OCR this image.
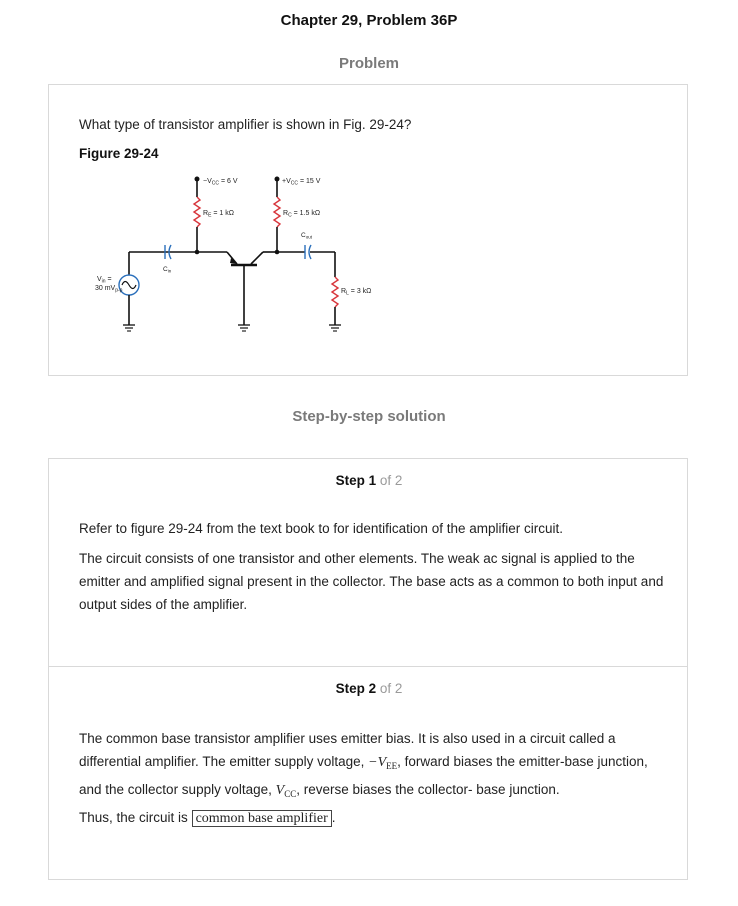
Chapter 29, Problem 36P
Problem
What type of transistor amplifier is shown in Fig. 29-24?
Figure 29-24
$-V_{CC} = 6$ V	$+V_{CC} = 15$ V
$R_E = 1$ kΩ	$R_C = 1.5$ kΩ
$C_{out}$
$R_L = 3$ kΩ
$C_{in}$
$V_{in}$ =
30 $mV_{p-p}$
Step-by-step solution
Step 1 of 2

Refer to figure 29-24 from the text book to for identification of the amplifier circuit.

The circuit consists of one transistor and other elements. The weak ac signal is applied to the emitter and amplified signal present in the collector. The base acts as a common to both input and output sides of the amplifier.

Step 2 of 2

The common base transistor amplifier uses emitter bias. It is also used in a circuit called a differential amplifier. The emitter supply voltage, $-V_{EE}$, forward biases the emitter-base junction, and the collector supply voltage, $V_{CC}$, reverse biases the collector- base junction.

Thus, the circuit is common base amplifier .
